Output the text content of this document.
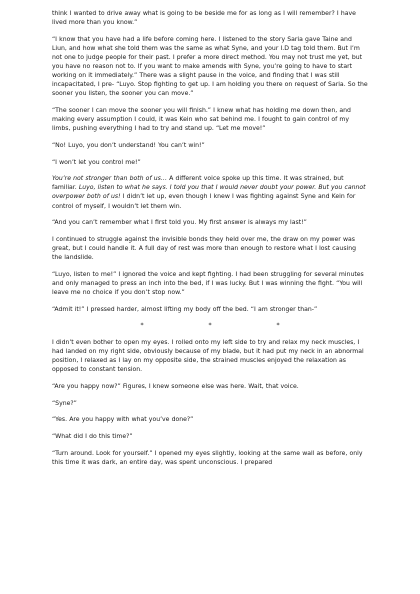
think I wanted to drive away what is going to be beside me for as long as I will remember? I have lived more than you know.”

“I know that you have had a life before coming here. I listened to the story Saria gave Taine and Liun, and how what she told them was the same as what Syne, and your I.D tag told them. But I’m not one to judge people for their past. I prefer a more direct method. You may not trust me yet, but you have no reason not to. If you want to make amends with Syne, you’re going to have to start working on it immediately.” There was a slight pause in the voice, and finding that I was still incapacitated, I pre- “Luyo. Stop fighting to get up. I am holding you there on request of Saria. So the sooner you listen, the sooner you can move.”

“The sooner I can move the sooner you will finish.” I knew what has holding me down then, and making every assumption I could, it was Kein who sat behind me. I fought to gain control of my limbs, pushing everything I had to try and stand up. “Let me move!”

“No! Luyo, you don’t understand! You can’t win!”

“I won’t let you control me!”

You’re not stronger than both of us… A different voice spoke up this time. It was strained, but familiar. Luyo, listen to what he says. I told you that I would never doubt your power. But you cannot overpower both of us! I didn’t let up, even though I knew I was fighting against Syne and Kein for control of myself, I wouldn’t let them win.

“And you can’t remember what I first told you. My first answer is always my last!”

I continued to struggle against the invisible bonds they held over me, the draw on my power was great, but I could handle it. A full day of rest was more than enough to restore what I lost causing the landslide.

“Luyo, listen to me!” I ignored the voice and kept fighting. I had been struggling for several minutes and only managed to press an inch into the bed, if I was lucky. But I was winning the fight. “You will leave me no choice if you don’t stop now.”

“Admit it!” I pressed harder, almost lifting my body off the bed. “I am stronger than-”

*	*	*

I didn’t even bother to open my eyes. I rolled onto my left side to try and relax my neck muscles, I had landed on my right side, obviously because of my blade, but it had put my neck in an abnormal position, I relaxed as I lay on my opposite side, the strained muscles enjoyed the relaxation as opposed to constant tension.

“Are you happy now?” Figures, I knew someone else was here. Wait, that voice.

“Syne?”

“Yes. Are you happy with what you’ve done?”

“What did I do this time?”

“Turn around. Look for yourself.” I opened my eyes slightly, looking at the same wall as before, only this time it was dark, an entire day, was spent unconscious. I prepared
